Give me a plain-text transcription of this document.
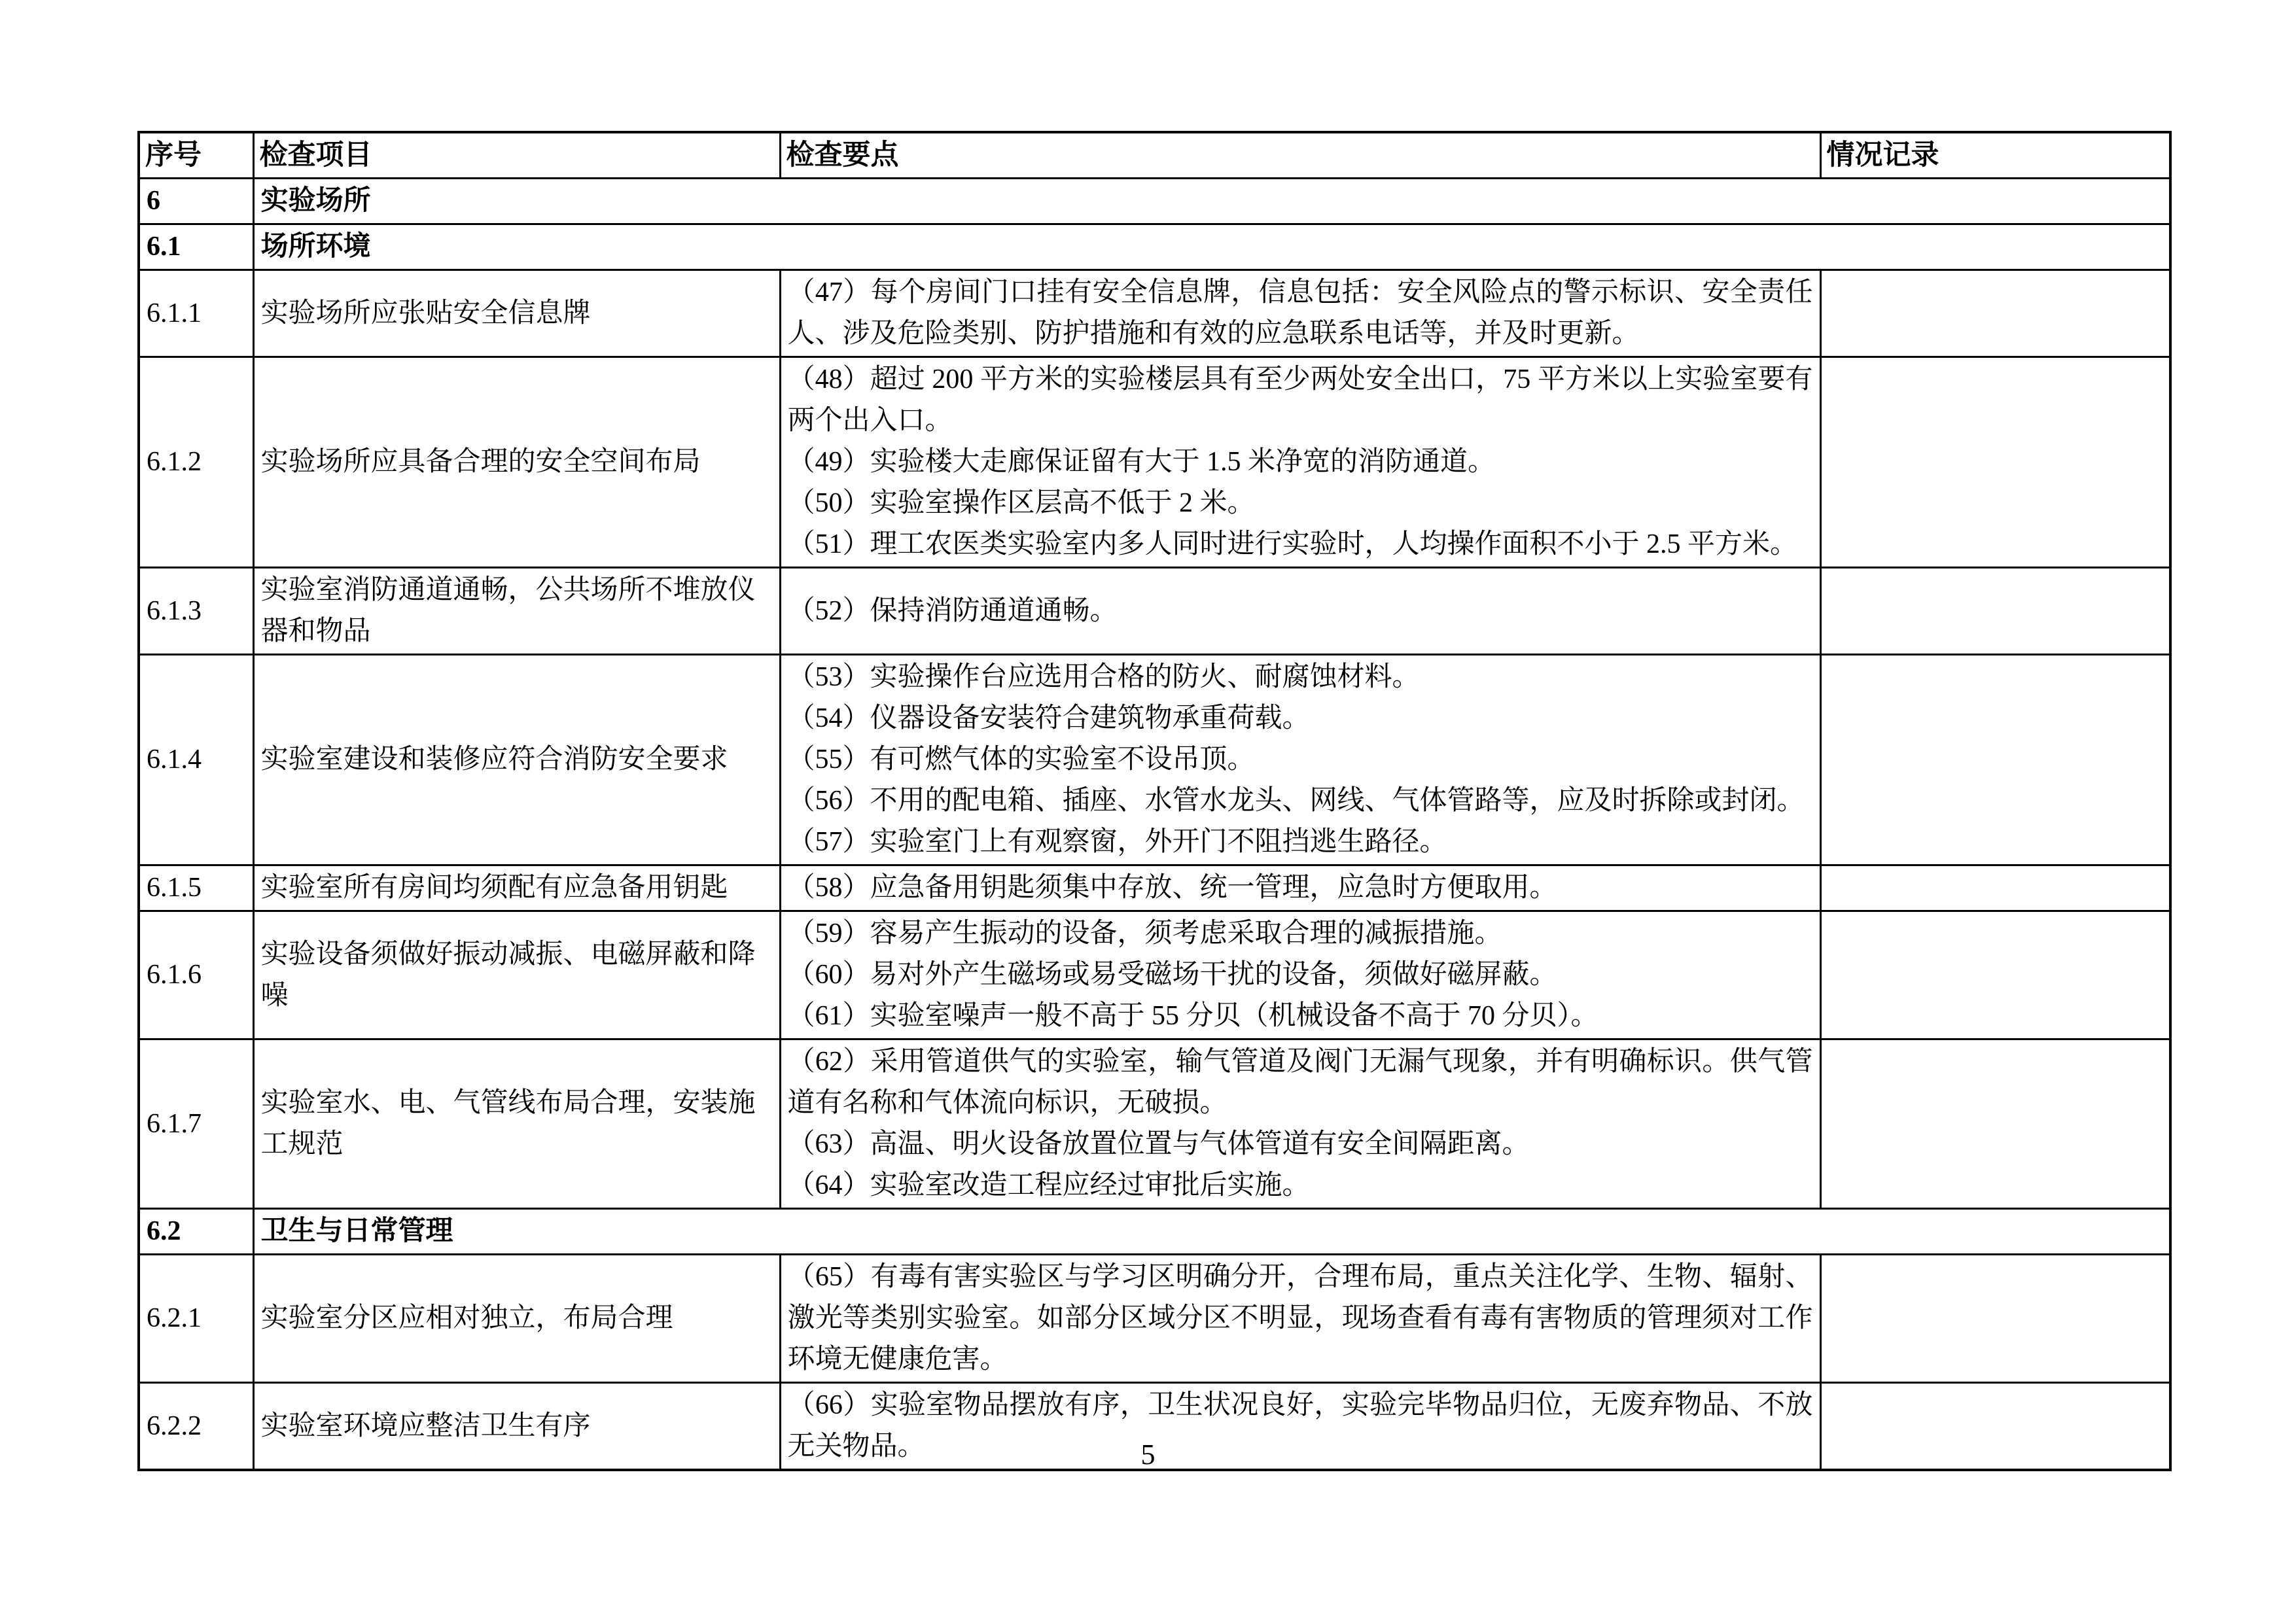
序号	检查项目	检查要点	情况记录
6	实验场所		
6.1	场所环境		
6.1.1	实验场所应张贴安全信息牌	（47）每个房间门口挂有安全信息牌，信息包括：安全风险点的警示标识、安全责任人、涉及危险类别、防护措施和有效的应急联系电话等，并及时更新。	

6.1.2	实验场所应具备合理的安全空间布局	（48）超过 200 平方米的实验楼层具有至少两处安全出口，75 平方米以上实验室要有两个出入口。
（49）实验楼大走廊保证留有大于 1.5 米净宽的消防通道。
（50）实验室操作区层高不低于 2 米。
（51）理工农医类实验室内多人同时进行实验时，人均操作面积不小于 2.5 平方米。	

6.1.3	实验室消防通道通畅，公共场所不堆放仪器和物品	（52）保持消防通道通畅。	

6.1.4	实验室建设和装修应符合消防安全要求	（53）实验操作台应选用合格的防火、耐腐蚀材料。
（54）仪器设备安装符合建筑物承重荷载。
（55）有可燃气体的实验室不设吊顶。
（56）不用的配电箱、插座、水管水龙头、网线、气体管路等，应及时拆除或封闭。
（57）实验室门上有观察窗，外开门不阻挡逃生路径。	

6.1.5	实验室所有房间均须配有应急备用钥匙	（58）应急备用钥匙须集中存放、统一管理，应急时方便取用。	

6.1.6	实验设备须做好振动减振、电磁屏蔽和降噪	（59）容易产生振动的设备，须考虑采取合理的减振措施。
（60）易对外产生磁场或易受磁场干扰的设备，须做好磁屏蔽。
（61）实验室噪声一般不高于 55 分贝（机械设备不高于 70 分贝）。	

6.1.7	实验室水、电、气管线布局合理，安装施工规范	（62）采用管道供气的实验室，输气管道及阀门无漏气现象，并有明确标识。供气管道有名称和气体流向标识，无破损。
（63）高温、明火设备放置位置与气体管道有安全间隔距离。
（64）实验室改造工程应经过审批后实施。	

6.2	卫生与日常管理		
6.2.1	实验室分区应相对独立，布局合理	（65）有毒有害实验区与学习区明确分开，合理布局，重点关注化学、生物、辐射、激光等类别实验室。如部分区域分区不明显，现场查看有毒有害物质的管理须对工作环境无健康危害。	

6.2.2	实验室环境应整洁卫生有序	（66）实验室物品摆放有序，卫生状况良好，实验完毕物品归位，无废弃物品、不放无关物品。	
		5
